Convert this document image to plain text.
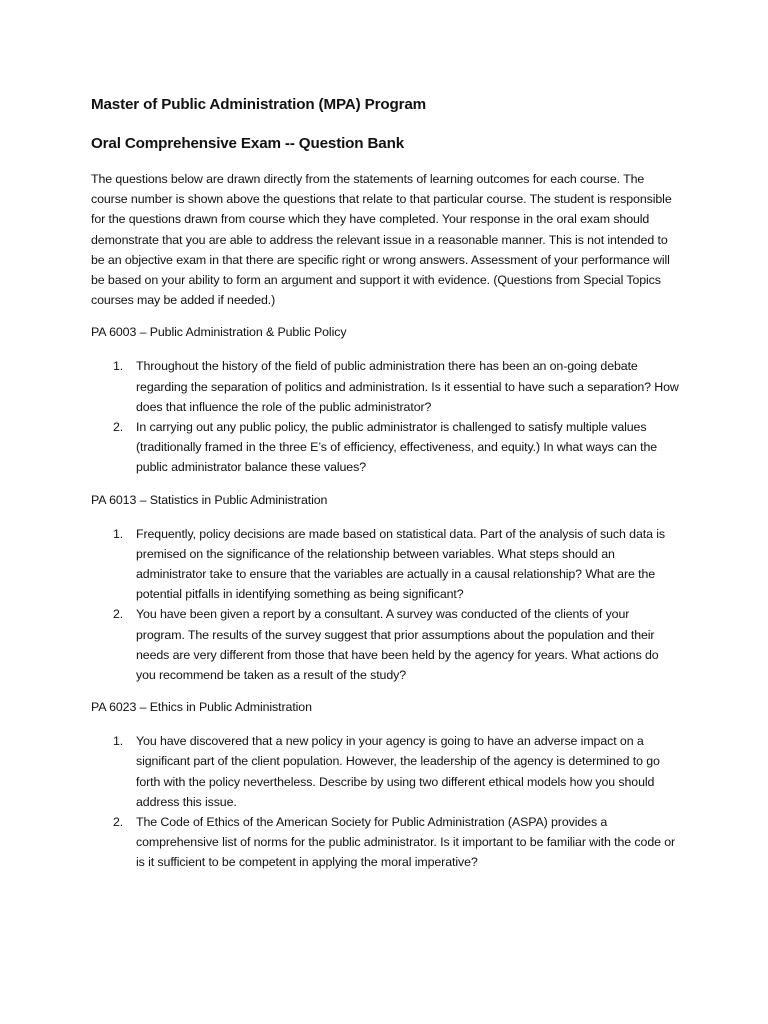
Master of Public Administration (MPA) Program
Oral Comprehensive Exam -- Question Bank

The questions below are drawn directly from the statements of learning outcomes for each course. The course number is shown above the questions that relate to that particular course. The student is responsible for the questions drawn from course which they have completed. Your response in the oral exam should demonstrate that you are able to address the relevant issue in a reasonable manner. This is not intended to be an objective exam in that there are specific right or wrong answers. Assessment of your performance will be based on your ability to form an argument and support it with evidence. (Questions from Special Topics courses may be added if needed.)

PA 6003 – Public Administration & Public Policy
1. Throughout the history of the field of public administration there has been an on-going debate regarding the separation of politics and administration. Is it essential to have such a separation? How does that influence the role of the public administrator?
2. In carrying out any public policy, the public administrator is challenged to satisfy multiple values (traditionally framed in the three E’s of efficiency, effectiveness, and equity.) In what ways can the public administrator balance these values?
PA 6013 – Statistics in Public Administration
1. Frequently, policy decisions are made based on statistical data. Part of the analysis of such data is premised on the significance of the relationship between variables. What steps should an administrator take to ensure that the variables are actually in a causal relationship? What are the potential pitfalls in identifying something as being significant?
2. You have been given a report by a consultant. A survey was conducted of the clients of your program. The results of the survey suggest that prior assumptions about the population and their needs are very different from those that have been held by the agency for years. What actions do you recommend be taken as a result of the study?
PA 6023 – Ethics in Public Administration
1. You have discovered that a new policy in your agency is going to have an adverse impact on a significant part of the client population. However, the leadership of the agency is determined to go forth with the policy nevertheless. Describe by using two different ethical models how you should address this issue.
2. The Code of Ethics of the American Society for Public Administration (ASPA) provides a comprehensive list of norms for the public administrator. Is it important to be familiar with the code or is it sufficient to be competent in applying the moral imperative?
